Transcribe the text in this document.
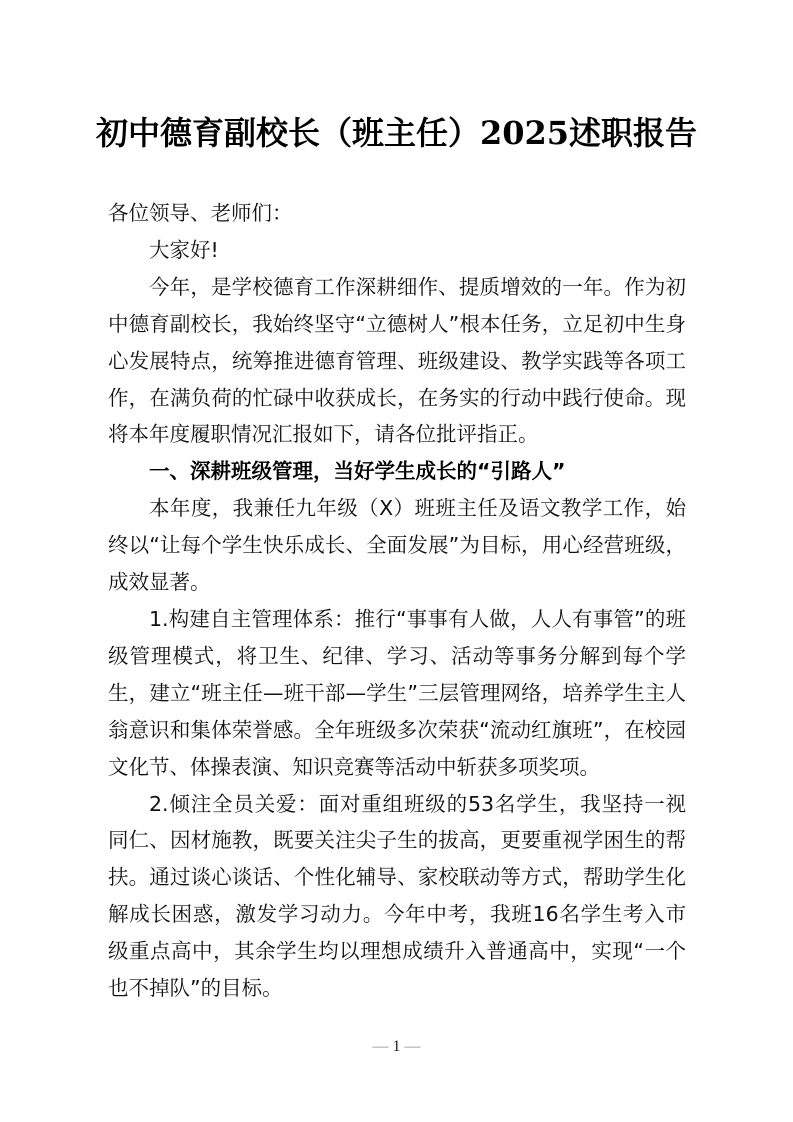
初中德育副校长（班主任）2025述职报告

各位领导、老师们：

大家好!

今年，是学校德育工作深耕细作、提质增效的一年。作为初中德育副校长，我始终坚守“立德树人”根本任务，立足初中生身心发展特点，统筹推进德育管理、班级建设、教学实践等各项工作，在满负荷的忙碌中收获成长，在务实的行动中践行使命。现将本年度履职情况汇报如下，请各位批评指正。

一、深耕班级管理，当好学生成长的“引路人”

本年度，我兼任九年级（X）班班主任及语文教学工作，始终以“让每个学生快乐成长、全面发展”为目标，用心经营班级，成效显著。

1.构建自主管理体系：推行“事事有人做，人人有事管”的班级管理模式，将卫生、纪律、学习、活动等事务分解到每个学生，建立“班主任—班干部—学生”三层管理网络，培养学生主人翁意识和集体荣誉感。全年班级多次荣获“流动红旗班”，在校园文化节、体操表演、知识竞赛等活动中斩获多项奖项。

2.倾注全员关爱：面对重组班级的53名学生，我坚持一视同仁、因材施教，既要关注尖子生的拔高，更要重视学困生的帮扶。通过谈心谈话、个性化辅导、家校联动等方式，帮助学生化解成长困惑，激发学习动力。今年中考，我班16名学生考入市级重点高中，其余学生均以理想成绩升入普通高中，实现“一个也不掉队”的目标。

— 1 —
